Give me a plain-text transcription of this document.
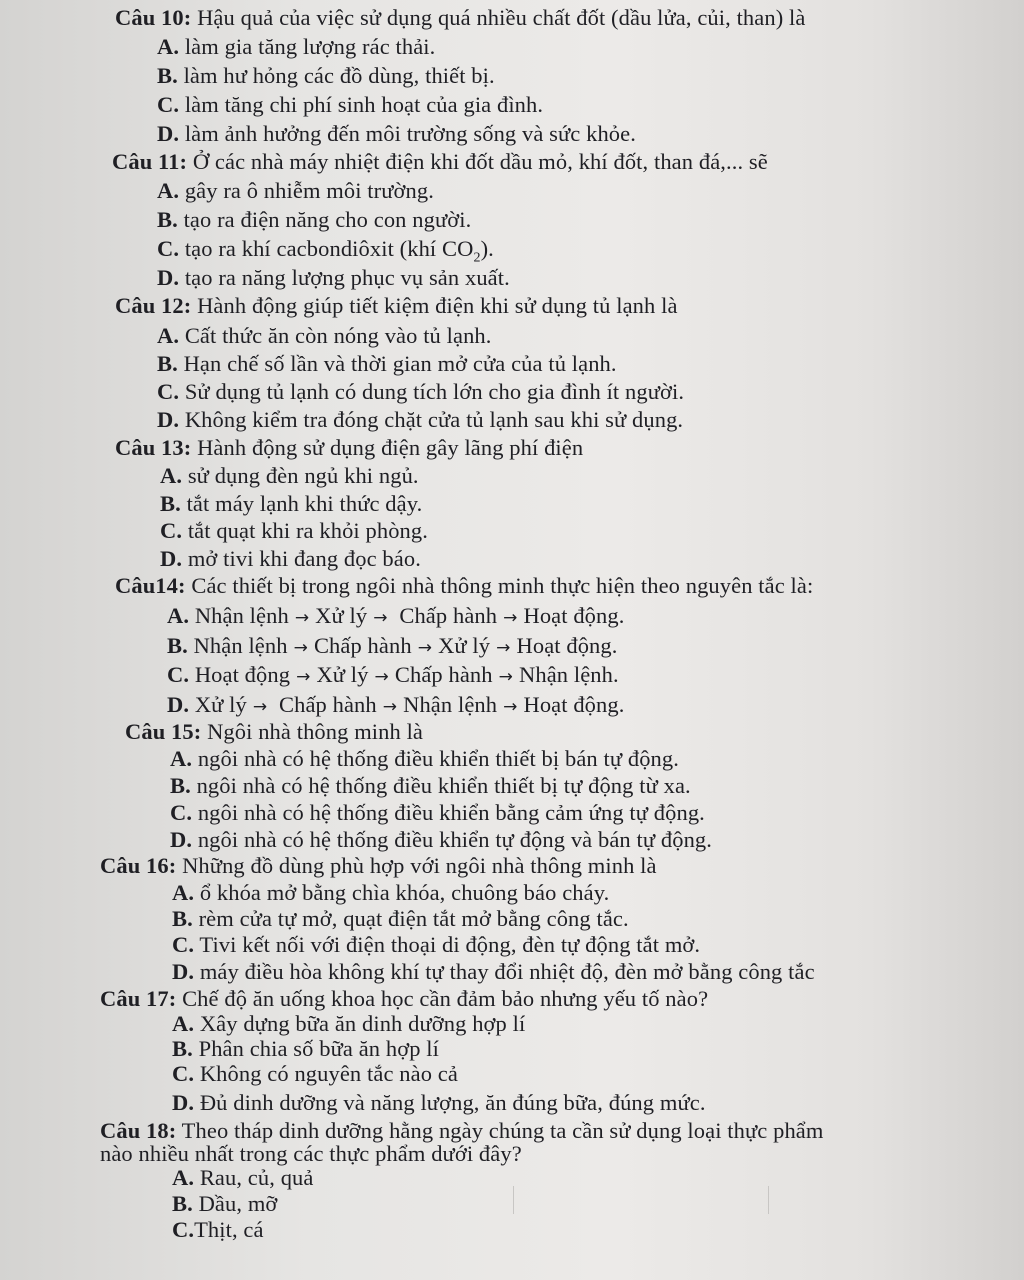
Câu 10: Hậu quả của việc sử dụng quá nhiều chất đốt (dầu lửa, củi, than) là
A. làm gia tăng lượng rác thải.
B. làm hư hỏng các đồ dùng, thiết bị.
C. làm tăng chi phí sinh hoạt của gia đình.
D. làm ảnh hưởng đến môi trường sống và sức khỏe.
Câu 11: Ở các nhà máy nhiệt điện khi đốt dầu mỏ, khí đốt, than đá,... sẽ
A. gây ra ô nhiễm môi trường.
B. tạo ra điện năng cho con người.
C. tạo ra khí cacbondiôxit (khí $CO_2$).
D. tạo ra năng lượng phục vụ sản xuất.
Câu 12: Hành động giúp tiết kiệm điện khi sử dụng tủ lạnh là
A. Cất thức ăn còn nóng vào tủ lạnh.
B. Hạn chế số lần và thời gian mở cửa của tủ lạnh.
C. Sử dụng tủ lạnh có dung tích lớn cho gia đình ít người.
D. Không kiểm tra đóng chặt cửa tủ lạnh sau khi sử dụng.
Câu 13: Hành động sử dụng điện gây lãng phí điện
A. sử dụng đèn ngủ khi ngủ.
B. tắt máy lạnh khi thức dậy.
C. tắt quạt khi ra khỏi phòng.
D. mở tivi khi đang đọc báo.
Câu14: Các thiết bị trong ngôi nhà thông minh thực hiện theo nguyên tắc là:
A. Nhận lệnh → Xử lý → Chấp hành → Hoạt động.
B. Nhận lệnh → Chấp hành → Xử lý → Hoạt động.
C. Hoạt động → Xử lý → Chấp hành → Nhận lệnh.
D. Xử lý → Chấp hành → Nhận lệnh → Hoạt động.
Câu 15: Ngôi nhà thông minh là
A. ngôi nhà có hệ thống điều khiển thiết bị bán tự động.
B. ngôi nhà có hệ thống điều khiển thiết bị tự động từ xa.
C. ngôi nhà có hệ thống điều khiển bằng cảm ứng tự động.
D. ngôi nhà có hệ thống điều khiển tự động và bán tự động.
Câu 16: Những đồ dùng phù hợp với ngôi nhà thông minh là
A. ổ khóa mở bằng chìa khóa, chuông báo cháy.
B. rèm cửa tự mở, quạt điện tắt mở bằng công tắc.
C. Tivi kết nối với điện thoại di động, đèn tự động tắt mở.
D. máy điều hòa không khí tự thay đổi nhiệt độ, đèn mở bằng công tắc
Câu 17: Chế độ ăn uống khoa học cần đảm bảo nhưng yếu tố nào?
A. Xây dựng bữa ăn dinh dưỡng hợp lí
B. Phân chia số bữa ăn hợp lí
C. Không có nguyên tắc nào cả
D. Đủ dinh dưỡng và năng lượng, ăn đúng bữa, đúng mức.
Câu 18: Theo tháp dinh dưỡng hằng ngày chúng ta cần sử dụng loại thực phẩm
nào nhiều nhất trong các thực phẩm dưới đây?
A. Rau, củ, quả
B. Dầu, mỡ
C.Thịt, cá
